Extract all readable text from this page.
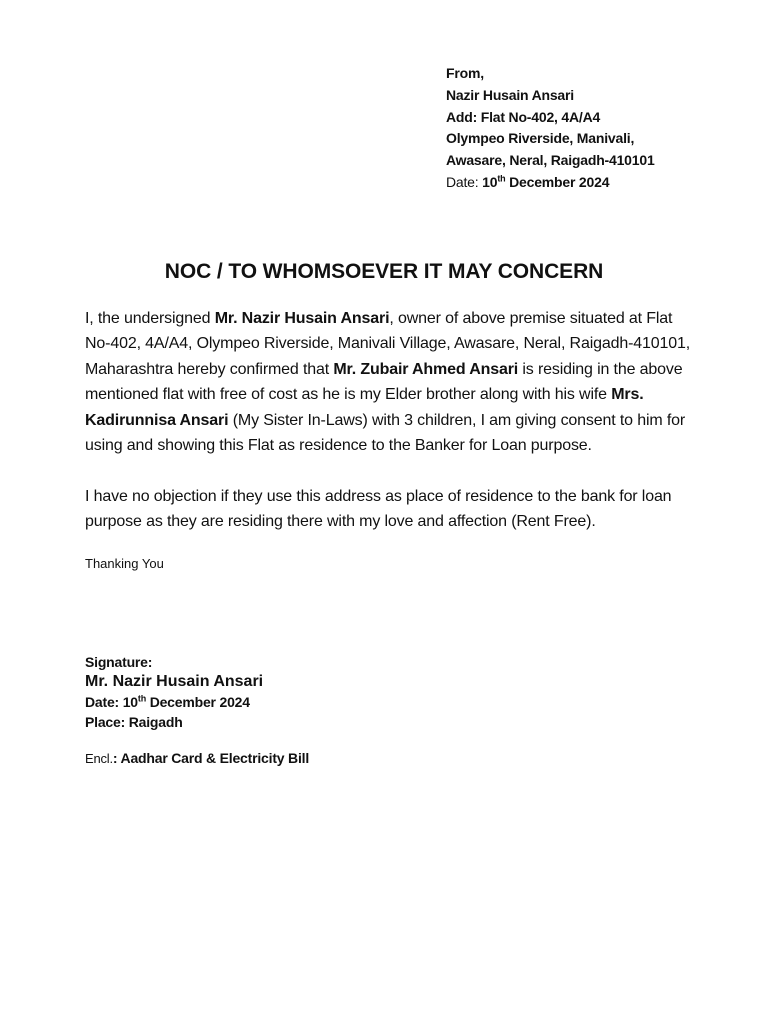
From,
Nazir Husain Ansari
Add: Flat No-402, 4A/A4
Olympeo Riverside, Manivali,
Awasare, Neral, Raigadh-410101
Date: 10th December 2024
NOC / TO WHOMSOEVER IT MAY CONCERN
I, the undersigned Mr. Nazir Husain Ansari, owner of above premise situated at Flat
No-402, 4A/A4, Olympeo Riverside, Manivali Village, Awasare, Neral, Raigadh-410101,
Maharashtra hereby confirmed that Mr. Zubair Ahmed Ansari is residing in the above
mentioned flat with free of cost as he is my Elder brother along with his wife Mrs.
Kadirunnisa Ansari (My Sister In-Laws) with 3 children, I am giving consent to him for
using and showing this Flat as residence to the Banker for Loan purpose.
I have no objection if they use this address as place of residence to the bank for loan
purpose as they are residing there with my love and affection (Rent Free).
Thanking You
Signature:
Mr. Nazir Husain Ansari
Date: 10th December 2024
Place: Raigadh
Encl.: Aadhar Card & Electricity Bill
